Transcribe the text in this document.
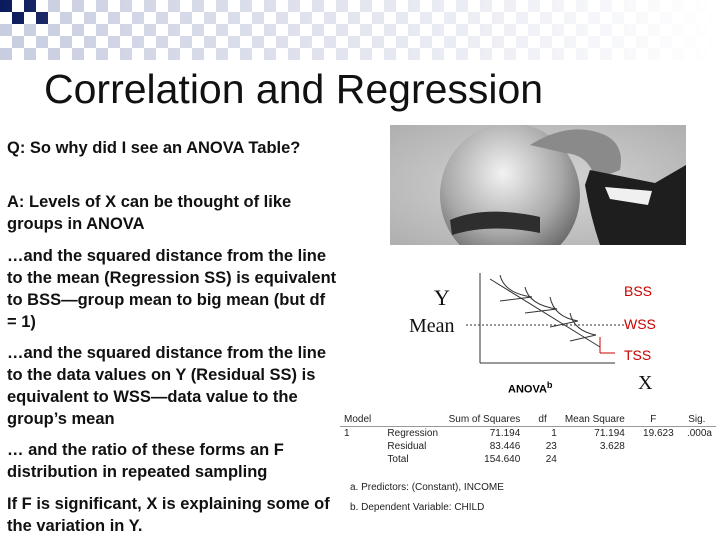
Correlation and Regression
Q: So why did I see an ANOVA Table?
A: Levels of X can be thought of like groups in ANOVA
…and the squared distance from the line to the mean (Regression SS) is equivalent to BSS—group mean to big mean (but df = 1)
…and the squared distance from the line to the data values on Y (Residual SS) is equivalent to WSS—data value to the group’s mean
… and the ratio of these forms an F distribution in repeated sampling
If F is significant, X is explaining some of the variation in Y.
Y
Mean
BSS
WSS
TSS
X
ANOVA$^b$
Model		Sum of Squares	df	Mean Square	F	Sig.
1	Regression	71.194	1	71.194	19.623	.000a
	Residual	83.446	23	3.628		
	Total	154.640	24			
a. Predictors: (Constant), INCOME
b. Dependent Variable: CHILD
